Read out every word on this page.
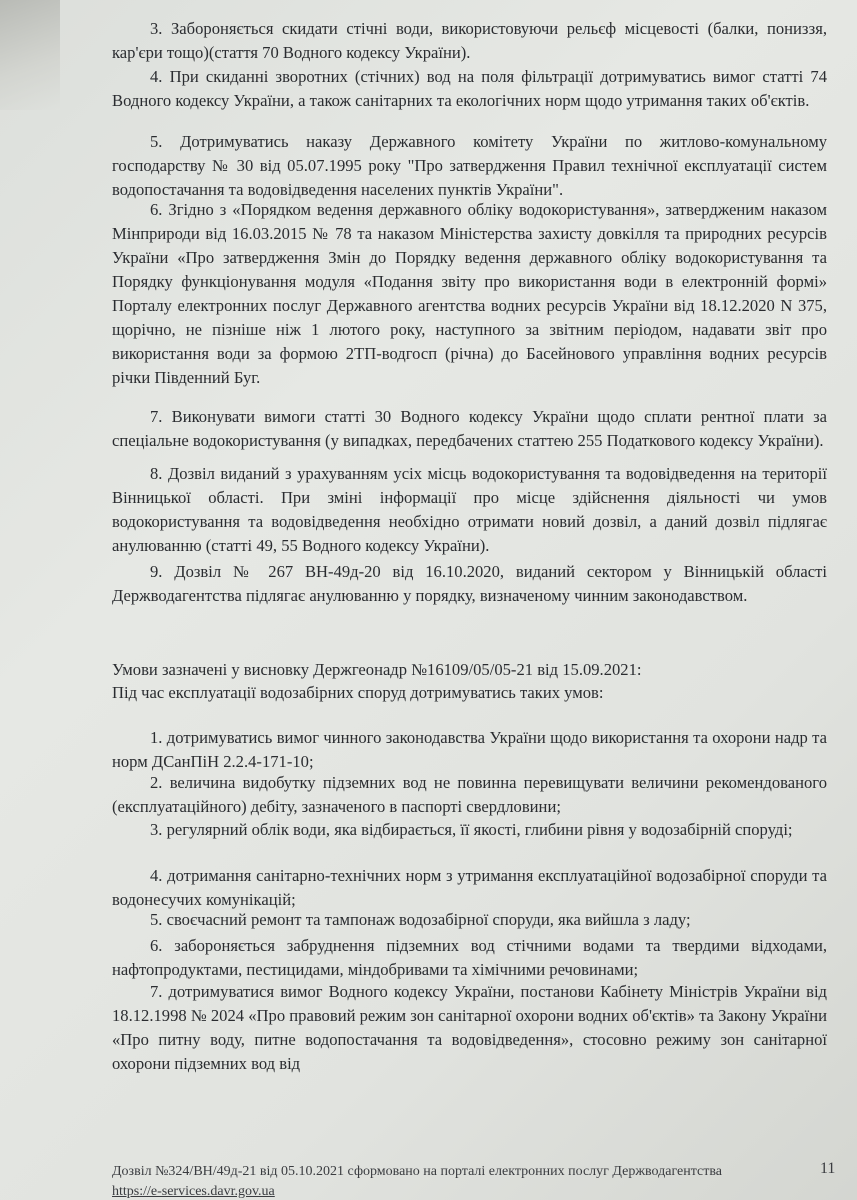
3. Забороняється скидати стічні води, використовуючи рельєф місцевості (балки, пониззя, кар'єри тощо)(стаття 70 Водного кодексу України).

4. При скиданні зворотних (стічних) вод на поля фільтрації дотримуватись вимог статті 74 Водного кодексу України, а також санітарних та екологічних норм щодо утримання таких об'єктів.

5. Дотримуватись наказу Державного комітету України по житлово-комунальному господарству № 30 від 05.07.1995 року "Про затвердження Правил технічної експлуатації систем водопостачання та водовідведення населених пунктів України".

6. Згідно з «Порядком ведення державного обліку водокористування», затвердженим наказом Мінприроди від 16.03.2015 № 78 та наказом Міністерства захисту довкілля та природних ресурсів України «Про затвердження Змін до Порядку ведення державного обліку водокористування та Порядку функціонування модуля «Подання звіту про використання води в електронній формі» Порталу електронних послуг Державного агентства водних ресурсів України від 18.12.2020 N 375, щорічно, не пізніше ніж 1 лютого року, наступного за звітним періодом, надавати звіт про використання води за формою 2ТП-водгосп (річна) до Басейнового управління водних ресурсів річки Південний Буг.

7. Виконувати вимоги статті 30 Водного кодексу України щодо сплати рентної плати за спеціальне водокористування (у випадках, передбачених статтею 255 Податкового кодексу України).

8. Дозвіл виданий з урахуванням усіх місць водокористування та водовідведення на території Вінницької області. При зміні інформації про місце здійснення діяльності чи умов водокористування та водовідведення необхідно отримати новий дозвіл, а даний дозвіл підлягає анулюванню (статті 49, 55 Водного кодексу України).

9. Дозвіл № 267 ВН-49д-20 від 16.10.2020, виданий сектором у Вінницькій області Держводагентства підлягає анулюванню у порядку, визначеному чинним законодавством.

Умови зазначені у висновку Держгеонадр №16109/05/05-21 від 15.09.2021:

Під час експлуатації водозабірних споруд дотримуватись таких умов:

1. дотримуватись вимог чинного законодавства України щодо використання та охорони надр та норм ДСанПіН 2.2.4-171-10;

2. величина видобутку підземних вод не повинна перевищувати величини рекомендованого (експлуатаційного) дебіту, зазначеного в паспорті свердловини;

3. регулярний облік води, яка відбирається, її якості, глибини рівня у водозабірній споруді;

4. дотримання санітарно-технічних норм з утримання експлуатаційної водозабірної споруди та водонесучих комунікацій;

5. своєчасний ремонт та тампонаж водозабірної споруди, яка вийшла з ладу;

6. забороняється забруднення підземних вод стічними водами та твердими відходами, нафтопродуктами, пестицидами, міндобривами та хімічними речовинами;

7. дотримуватися вимог Водного кодексу України, постанови Кабінету Міністрів України від 18.12.1998 № 2024 «Про правовий режим зон санітарної охорони водних об'єктів» та Закону України «Про питну воду, питне водопостачання та водовідведення», стосовно режиму зон санітарної охорони підземних вод від

Дозвіл №324/ВН/49д-21 від 05.10.2021 сформовано на порталі електронних послуг Держводагентства
https://e-services.davr.gov.ua
11
